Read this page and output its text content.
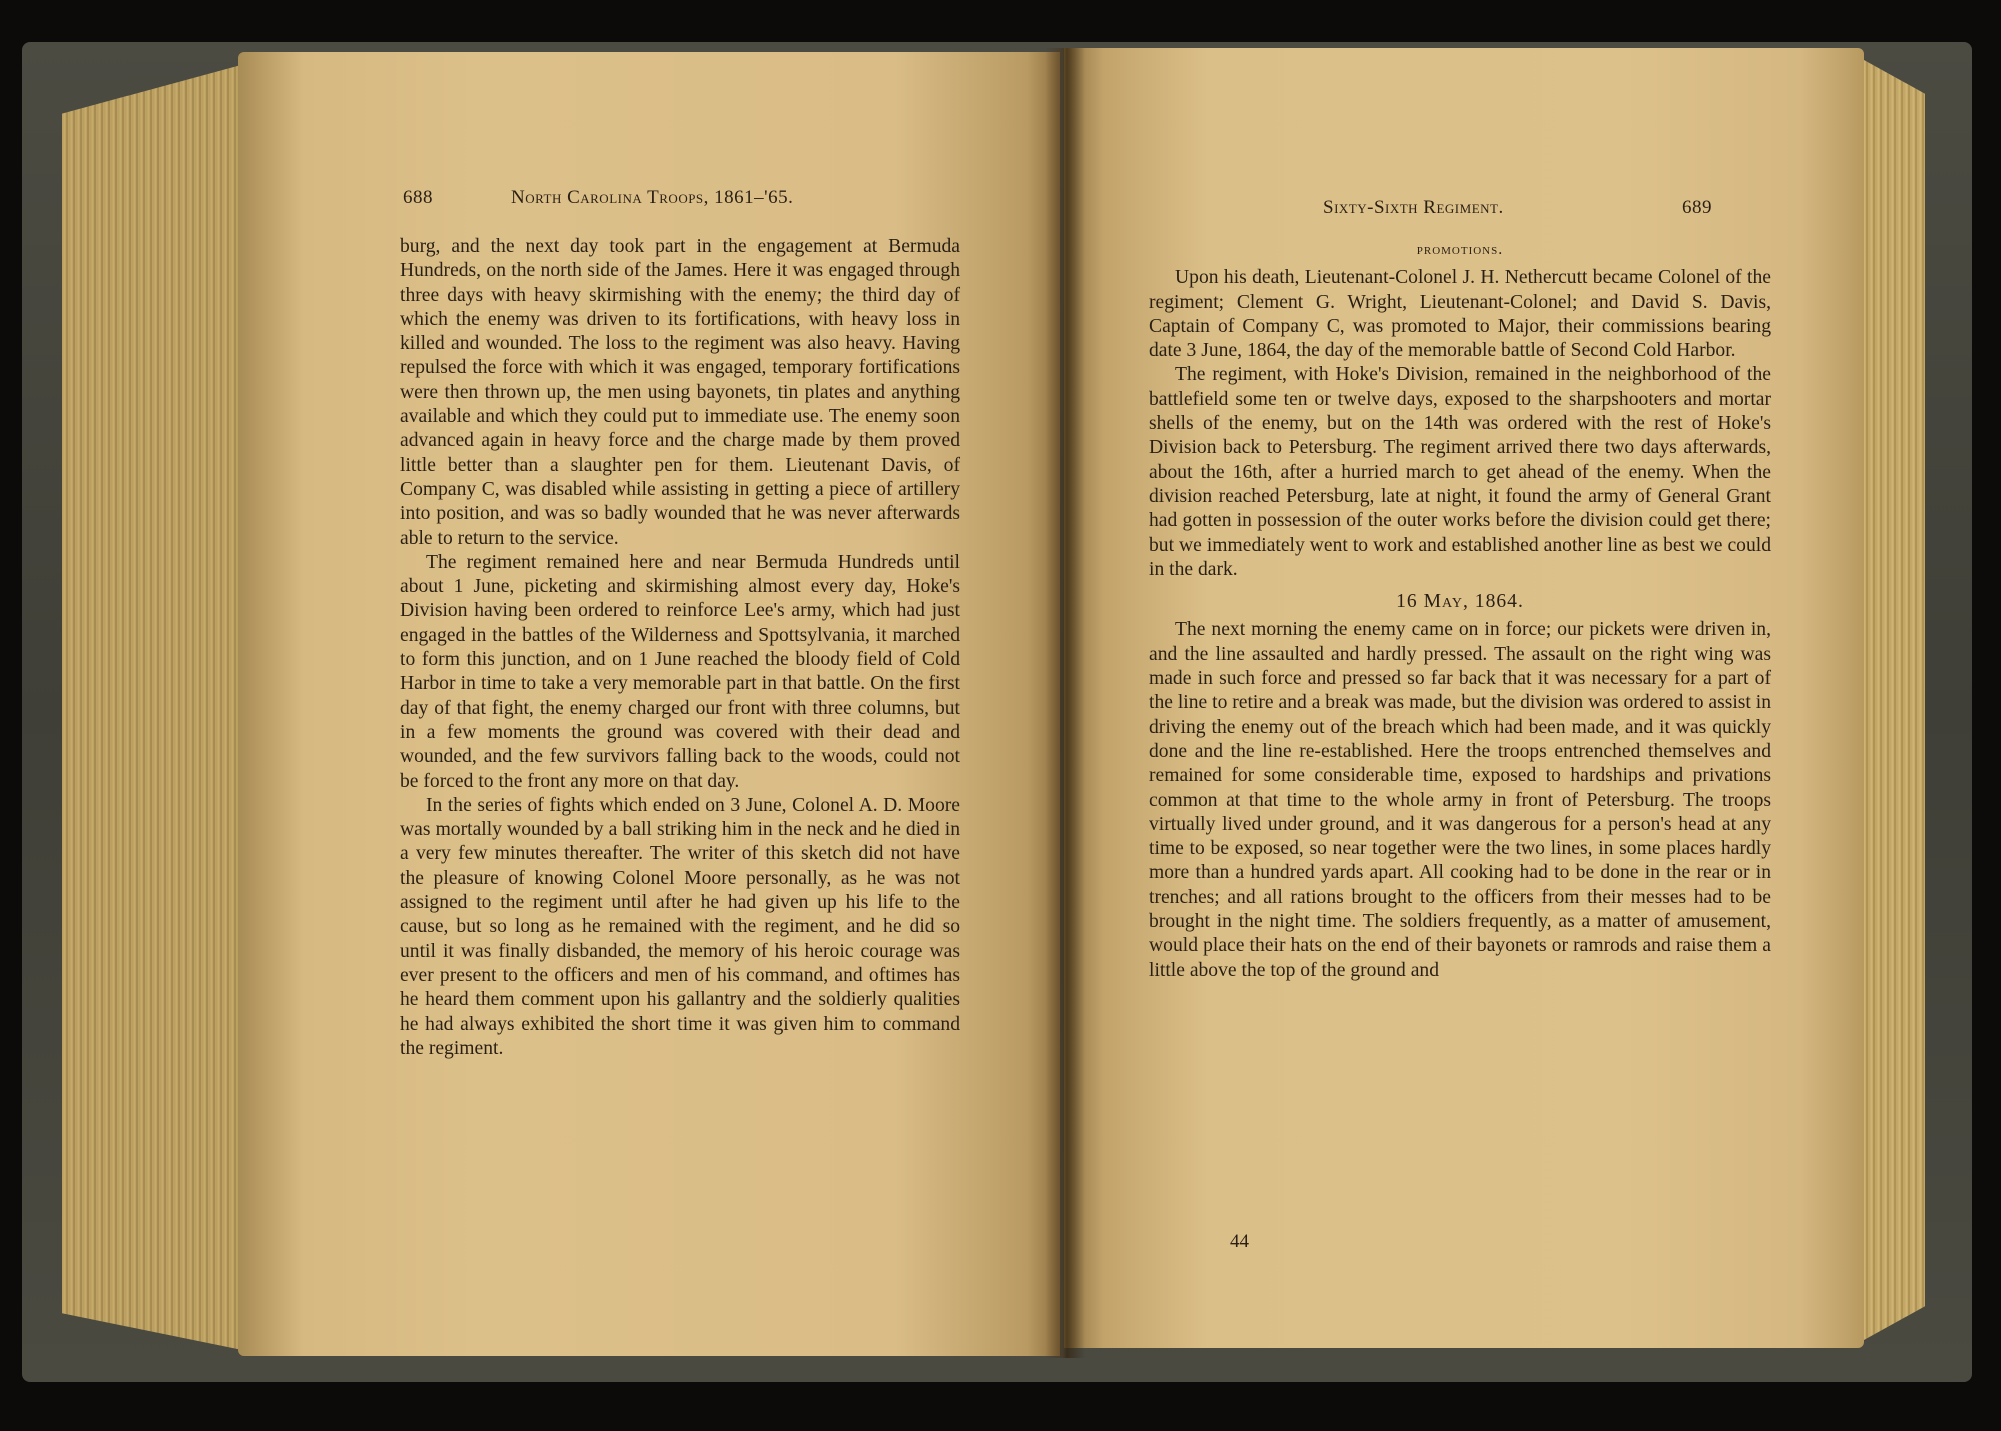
688	North Carolina Troops, 1861–'65.

burg, and the next day took part in the engagement at Bermuda Hundreds, on the north side of the James. Here it was engaged through three days with heavy skirmishing with the enemy; the third day of which the enemy was driven to its fortifications, with heavy loss in killed and wounded. The loss to the regiment was also heavy. Having repulsed the force with which it was engaged, temporary fortifications were then thrown up, the men using bayonets, tin plates and anything available and which they could put to immediate use. The enemy soon advanced again in heavy force and the charge made by them proved little better than a slaughter pen for them. Lieutenant Davis, of Company C, was disabled while assisting in getting a piece of artillery into position, and was so badly wounded that he was never afterwards able to return to the service.

The regiment remained here and near Bermuda Hundreds until about 1 June, picketing and skirmishing almost every day, Hoke's Division having been ordered to reinforce Lee's army, which had just engaged in the battles of the Wilderness and Spottsylvania, it marched to form this junction, and on 1 June reached the bloody field of Cold Harbor in time to take a very memorable part in that battle. On the first day of that fight, the enemy charged our front with three columns, but in a few moments the ground was covered with their dead and wounded, and the few survivors falling back to the woods, could not be forced to the front any more on that day.

In the series of fights which ended on 3 June, Colonel A. D. Moore was mortally wounded by a ball striking him in the neck and he died in a very few minutes thereafter. The writer of this sketch did not have the pleasure of knowing Colonel Moore personally, as he was not assigned to the regiment until after he had given up his life to the cause, but so long as he remained with the regiment, and he did so until it was finally disbanded, the memory of his heroic courage was ever present to the officers and men of his command, and oftimes has he heard them comment upon his gallantry and the soldierly qualities he had always exhibited the short time it was given him to command the regiment.

Sixty-Sixth Regiment.	689

promotions.

Upon his death, Lieutenant-Colonel J. H. Nethercutt became Colonel of the regiment; Clement G. Wright, Lieutenant-Colonel; and David S. Davis, Captain of Company C, was promoted to Major, their commissions bearing date 3 June, 1864, the day of the memorable battle of Second Cold Harbor.

The regiment, with Hoke's Division, remained in the neighborhood of the battlefield some ten or twelve days, exposed to the sharpshooters and mortar shells of the enemy, but on the 14th was ordered with the rest of Hoke's Division back to Petersburg. The regiment arrived there two days afterwards, about the 16th, after a hurried march to get ahead of the enemy. When the division reached Petersburg, late at night, it found the army of General Grant had gotten in possession of the outer works before the division could get there; but we immediately went to work and established another line as best we could in the dark.

16 May, 1864.

The next morning the enemy came on in force; our pickets were driven in, and the line assaulted and hardly pressed. The assault on the right wing was made in such force and pressed so far back that it was necessary for a part of the line to retire and a break was made, but the division was ordered to assist in driving the enemy out of the breach which had been made, and it was quickly done and the line re-established. Here the troops entrenched themselves and remained for some considerable time, exposed to hardships and privations common at that time to the whole army in front of Petersburg. The troops virtually lived under ground, and it was dangerous for a person's head at any time to be exposed, so near together were the two lines, in some places hardly more than a hundred yards apart. All cooking had to be done in the rear or in trenches; and all rations brought to the officers from their messes had to be brought in the night time. The soldiers frequently, as a matter of amusement, would place their hats on the end of their bayonets or ramrods and raise them a little above the top of the ground and

44
